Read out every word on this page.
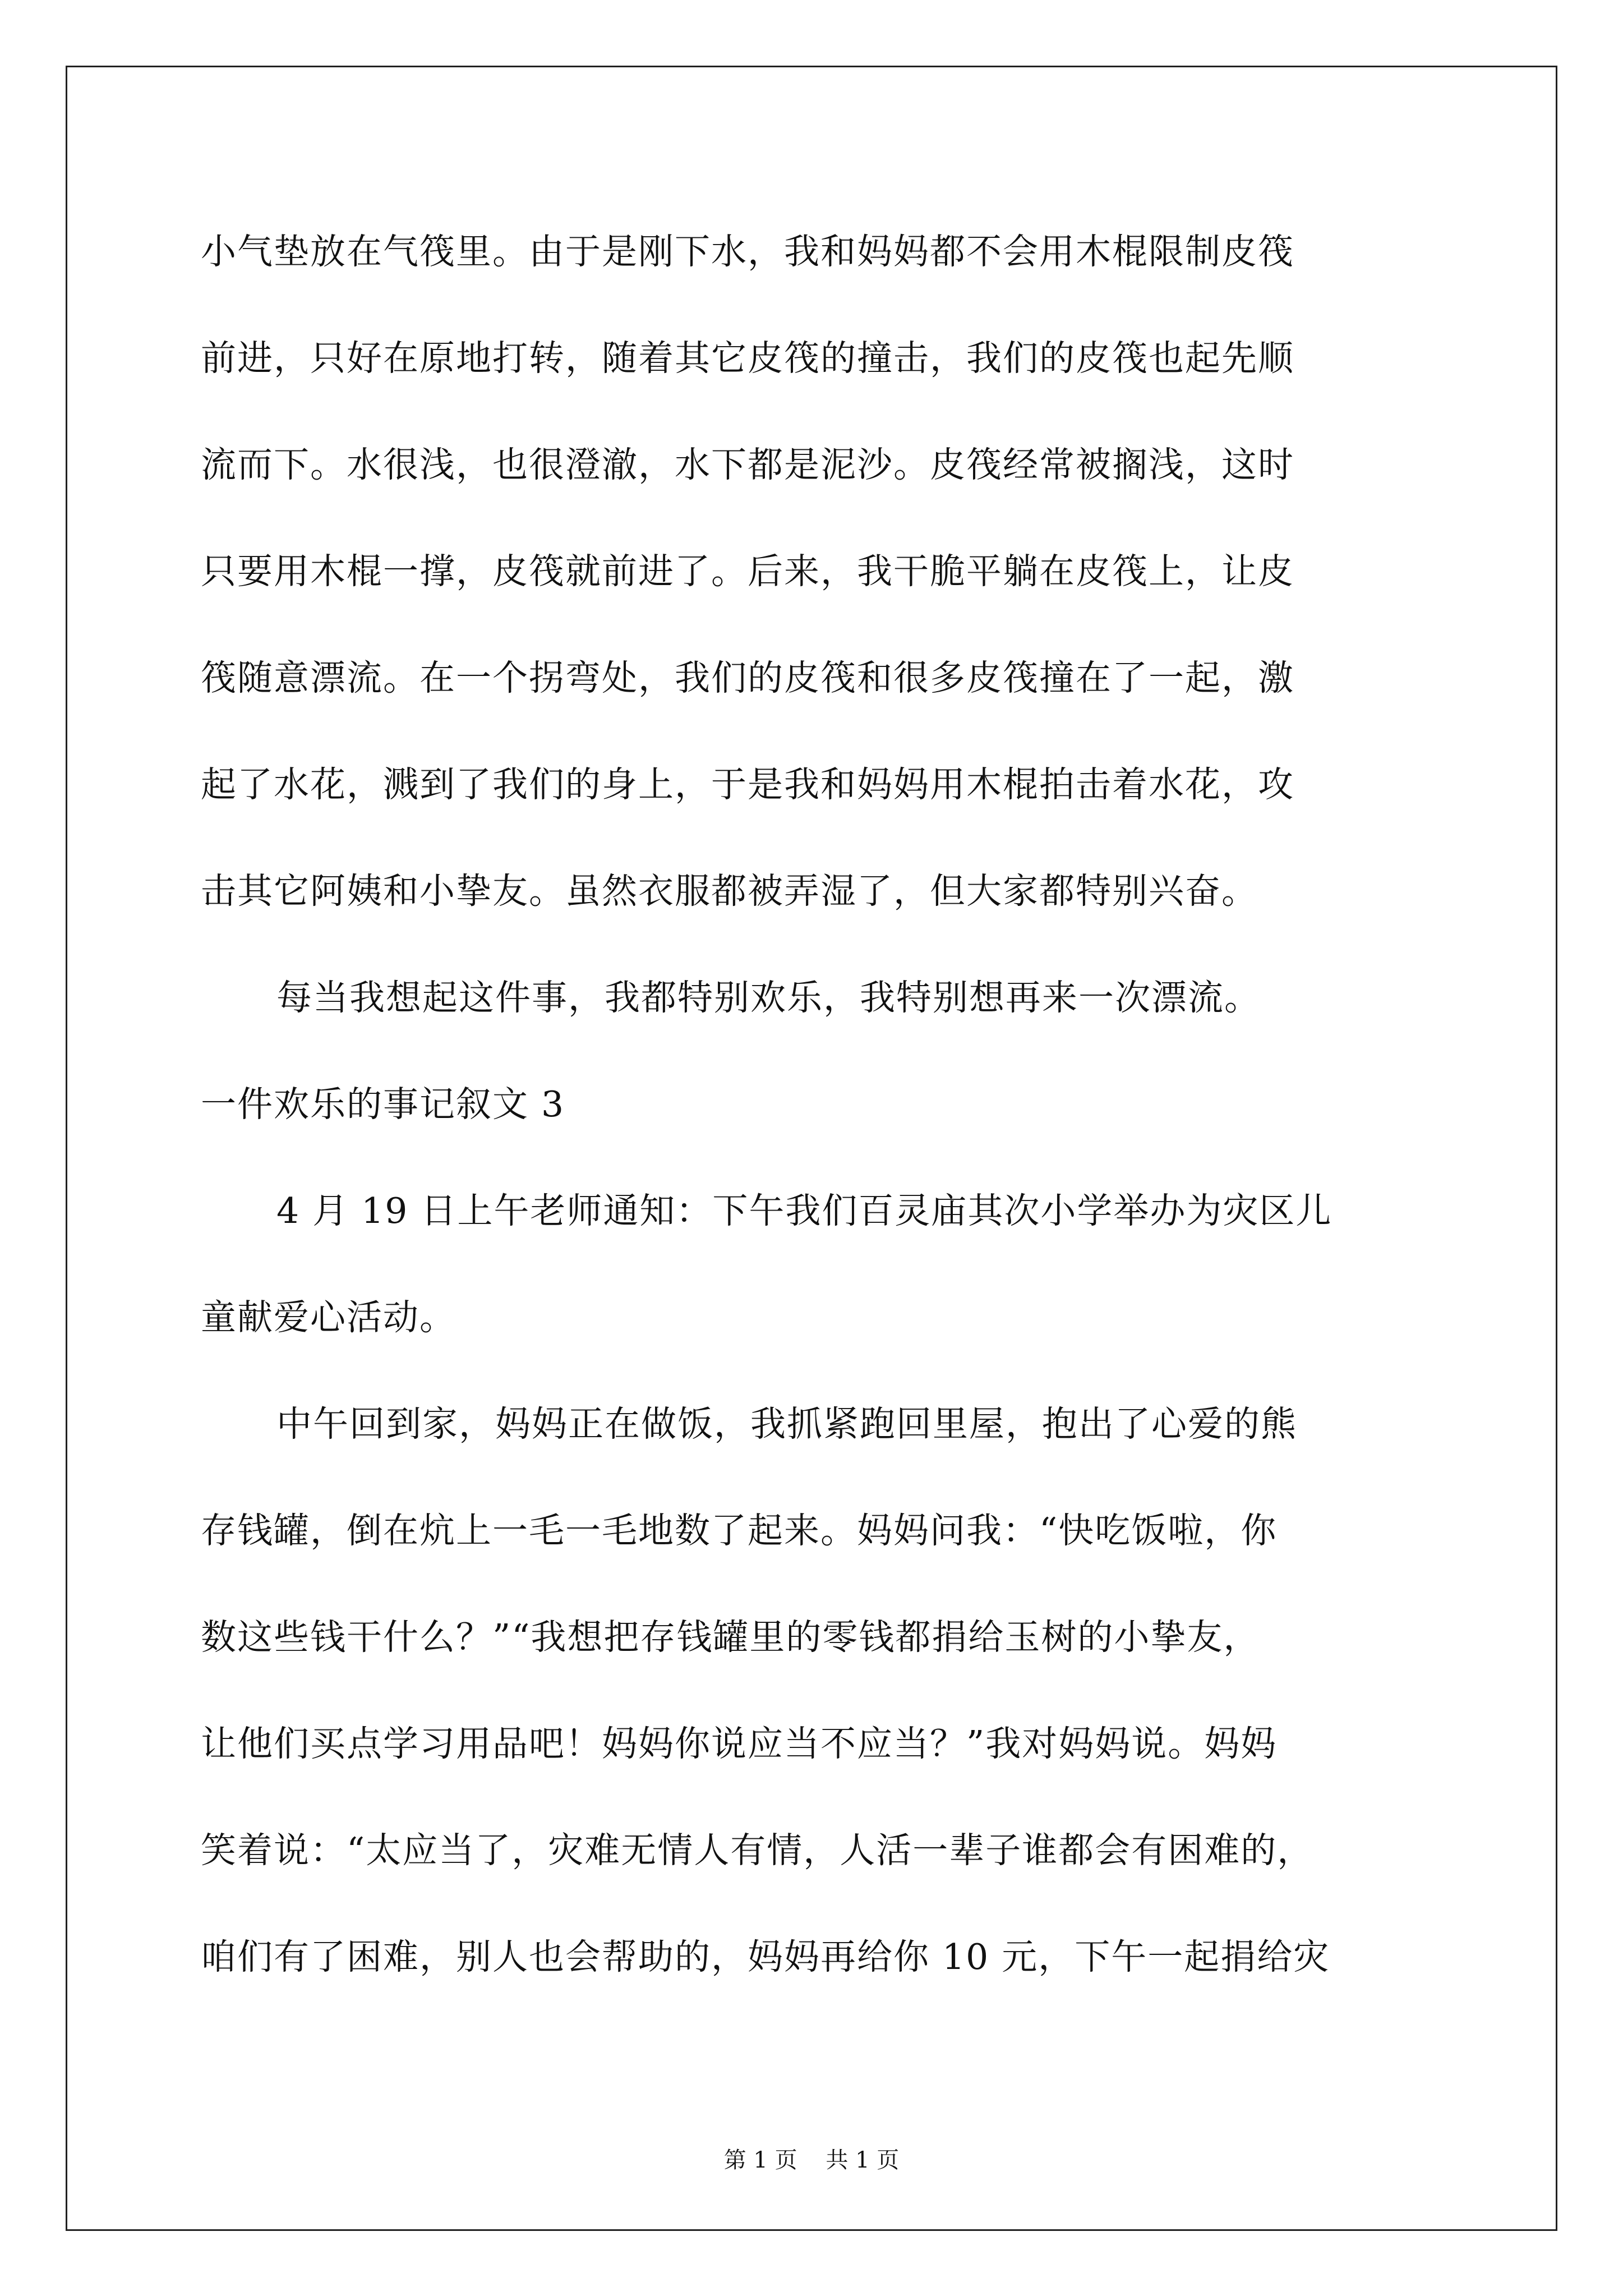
小气垫放在气筏里。由于是刚下水，我和妈妈都不会用木棍限制皮筏
前进，只好在原地打转，随着其它皮筏的撞击，我们的皮筏也起先顺
流而下。水很浅，也很澄澈，水下都是泥沙。皮筏经常被搁浅，这时
只要用木棍一撑，皮筏就前进了。后来，我干脆平躺在皮筏上，让皮
筏随意漂流。在一个拐弯处，我们的皮筏和很多皮筏撞在了一起，激
起了水花，溅到了我们的身上，于是我和妈妈用木棍拍击着水花，攻
击其它阿姨和小挚友。虽然衣服都被弄湿了，但大家都特别兴奋。
每当我想起这件事，我都特别欢乐，我特别想再来一次漂流。
一件欢乐的事记叙文 3
4 月 19 日上午老师通知：下午我们百灵庙其次小学举办为灾区儿
童献爱心活动。
中午回到家，妈妈正在做饭，我抓紧跑回里屋，抱出了心爱的熊
存钱罐，倒在炕上一毛一毛地数了起来。妈妈问我：“快吃饭啦，你
数这些钱干什么？”“我想把存钱罐里的零钱都捐给玉树的小挚友，
让他们买点学习用品吧！妈妈你说应当不应当？”我对妈妈说。妈妈
笑着说：“太应当了，灾难无情人有情，人活一辈子谁都会有困难的，
咱们有了困难，别人也会帮助的，妈妈再给你 10 元，下午一起捐给灾
第 1 页    共 1 页
